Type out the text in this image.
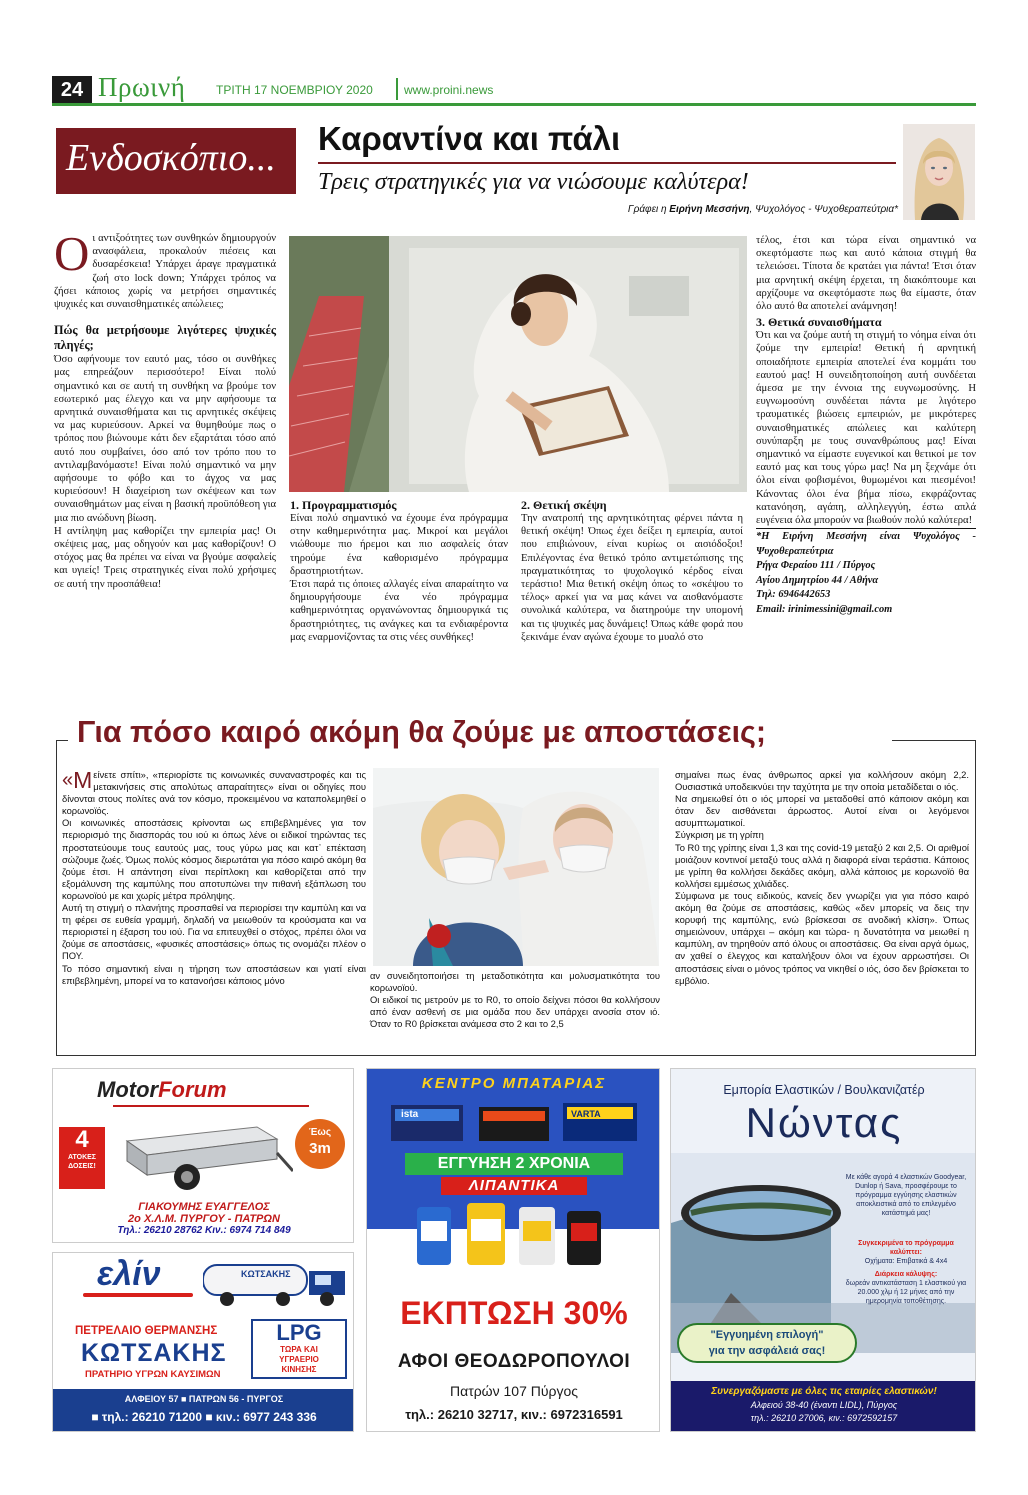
24 Πρωινή	ΤΡΙΤΗ 17 ΝΟΕΜΒΡΙΟΥ 2020	www.proini.news
Ενδοσκόπιο... Καραντίνα και πάλι
Τρεις στρατηγικές για να νιώσουμε καλύτερα!
Γράφει η Ειρήνη Μεσσήνη, Ψυχολόγος - Ψυχοθεραπεύτρια*

Οι αντιξοότητες των συνθηκών δημιουργούν ανασφάλεια, προκαλούν πιέσεις και δυσαρέσκεια! Υπάρχει άραγε πραγματικά ζωή στο lock down; Υπάρχει τρόπος να ζήσει κάποιος χωρίς να μετρήσει σημαντικές ψυχικές και συναισθηματικές απώλειες;

Πώς θα μετρήσουμε λιγότερες ψυχικές πληγές;

Όσο αφήνουμε τον εαυτό μας, τόσο οι συνθήκες μας επηρεάζουν περισσότερο! Είναι πολύ σημαντικό και σε αυτή τη συνθήκη να βρούμε τον εσωτερικό μας έλεγχο και να μην αφήσουμε τα αρνητικά συναισθήματα και τις αρνητικές σκέψεις να μας κυριεύσουν. Αρκεί να θυμηθούμε πως ο τρόπος που βιώνουμε κάτι δεν εξαρτάται τόσο από αυτό που συμβαίνει, όσο από τον τρόπο που το αντιλαμβανόμαστε! Είναι πολύ σημαντικό να μην αφήσουμε το φόβο και το άγχος να μας κυριεύσουν! Η διαχείριση των σκέψεων και των συναισθημάτων μας είναι η βασική προϋπόθεση για μια πιο ανώδυνη βίωση.

Η αντίληψη μας καθορίζει την εμπειρία μας! Οι σκέψεις μας, μας οδηγούν και μας καθορίζουν! Ο στόχος μας θα πρέπει να είναι να βγούμε ασφαλείς και υγιείς! Τρεις στρατηγικές είναι πολύ χρήσιμες σε αυτή την προσπάθεια!

1. Προγραμματισμός

Είναι πολύ σημαντικό να έχουμε ένα πρόγραμμα στην καθημερινότητα μας. Μικροί και μεγάλοι νιώθουμε πιο ήρεμοι και πιο ασφαλείς όταν τηρούμε ένα καθορισμένο πρόγραμμα δραστηριοτήτων.

Έτσι παρά τις όποιες αλλαγές είναι απαραίτητο να δημιουργήσουμε ένα νέο πρόγραμμα καθημερινότητας οργανώνοντας δημιουργικά τις δραστηριότητες, τις ανάγκες και τα ενδιαφέροντα μας εναρμονίζοντας τα στις νέες συνθήκες!

2. Θετική σκέψη

Την ανατροπή της αρνητικότητας φέρνει πάντα η θετική σκέψη! Όπως έχει δείξει η εμπειρία, αυτοί που επιβιώνουν, είναι κυρίως οι αισιόδοξοι! Επιλέγοντας ένα θετικό τρόπο αντιμετώπισης της πραγματικότητας το ψυχολογικό κέρδος είναι τεράστιο! Μια θετική σκέψη όπως το «σκέψου το τέλος» αρκεί για να μας κάνει να αισθανόμαστε συνολικά καλύτερα, να διατηρούμε την υπομονή και τις ψυχικές μας δυνάμεις! Όπως κάθε φορά που ξεκινάμε έναν αγώνα έχουμε το μυαλό στο

τέλος, έτσι και τώρα είναι σημαντικό να σκεφτόμαστε πως και αυτό κάποια στιγμή θα τελειώσει. Τίποτα δε κρατάει για πάντα! Έτσι όταν μια αρνητική σκέψη έρχεται, τη διακόπτουμε και αρχίζουμε να σκεφτόμαστε πως θα είμαστε, όταν όλο αυτό θα αποτελεί ανάμνηση!

3. Θετικά συναισθήματα

Ότι και να ζούμε αυτή τη στιγμή το νόημα είναι ότι ζούμε την εμπειρία! Θετική ή αρνητική οποιαδήποτε εμπειρία αποτελεί ένα κομμάτι του εαυτού μας! Η συνειδητοποίηση αυτή συνδέεται άμεσα με την έννοια της ευγνωμοσύνης. Η ευγνωμοσύνη συνδέεται πάντα με λιγότερο τραυματικές βιώσεις εμπειριών, με μικρότερες συναισθηματικές απώλειες και καλύτερη συνύπαρξη με τους συνανθρώπους μας! Είναι σημαντικό να είμαστε ευγενικοί και θετικοί με τον εαυτό μας και τους γύρω μας! Να μη ξεχνάμε ότι όλοι είναι φοβισμένοι, θυμωμένοι και πιεσμένοι! Κάνοντας όλοι ένα βήμα πίσω, εκφράζοντας κατανόηση, αγάπη, αλληλεγγύη, έστω απλά ευγένεια όλα μπορούν να βιωθούν πολύ καλύτερα!

*Η Ειρήνη Μεσσήνη είναι Ψυχολόγος - Ψυχοθεραπεύτρια
Ρήγα Φεραίου 111 / Πύργος
Αγίου Δημητρίου 44 / Αθήνα
Τηλ: 6946442653
Email: irinimessini@gmail.com
Για πόσο καιρό ακόμη θα ζούμε με αποστάσεις;

« Μ είνετε σπίτι», «περιορίστε τις κοινωνικές συναναστροφές και τις μετακινήσεις στις απολύτως απαραίτητες» είναι οι οδηγίες που δίνονται στους πολίτες ανά τον κόσμο, προκειμένου να καταπολεμηθεί ο κορωνοϊός.

Οι κοινωνικές αποστάσεις κρίνονται ως επιβεβλημένες για τον περιορισμό της διασποράς του ιού κι όπως λένε οι ειδικοί τηρώντας τες προστατεύουμε τους εαυτούς μας, τους γύρω μας και κατ᾽ επέκταση σώζουμε ζωές. Όμως πολύς κόσμος διερωτάται για πόσο καιρό ακόμη θα ζούμε έτσι. Η απάντηση είναι περίπλοκη και καθορίζεται από την εξομάλυνση της καμπύλης που αποτυπώνει την πιθανή εξάπλωση του κορωνοϊού με και χωρίς μέτρα πρόληψης.

Αυτή τη στιγμή ο πλανήτης προσπαθεί να περιορίσει την καμπύλη και να τη φέρει σε ευθεία γραμμή, δηλαδή να μειωθούν τα κρούσματα και να περιοριστεί η έξαρση του ιού. Για να επιτευχθεί ο στόχος, πρέπει όλοι να ζούμε σε αποστάσεις, «φυσικές αποστάσεις» όπως τις ονομάζει πλέον ο ΠΟΥ.

Το πόσο σημαντική είναι η τήρηση των αποστάσεων και γιατί είναι επιβεβλημένη, μπορεί να το κατανοήσει κάποιος μόνο	αν συνειδητοποιήσει τη μεταδοτικότητα και μολυσματικότητα του κορωνοϊού.

Οι ειδικοί τις μετρούν με το R0, το οποίο δείχνει πόσοι θα κολλήσουν από έναν ασθενή σε μια ομάδα που δεν υπάρχει ανοσία στον ιό. Όταν το R0 βρίσκεται ανάμεσα στο 2 και το 2,5

σημαίνει πως ένας άνθρωπος αρκεί για κολλήσουν ακόμη 2,2. Ουσιαστικά υποδεικνύει την ταχύτητα με την οποία μεταδίδεται ο ιός.

Να σημειωθεί ότι ο ιός μπορεί να μεταδοθεί από κάποιον ακόμη και όταν δεν αισθάνεται άρρωστος. Αυτοί είναι οι λεγόμενοι ασυμπτωματικοί.

Σύγκριση με τη γρίπη

Το R0 της γρίπης είναι 1,3 και της covid-19 μεταξύ 2 και 2,5. Οι αριθμοί μοιάζουν κοντινοί μεταξύ τους αλλά η διαφορά είναι τεράστια. Κάποιος με γρίπη θα κολλήσει δεκάδες ακόμη, αλλά κάποιος με κορωνοϊό θα κολλήσει εμμέσως χιλιάδες.

Σύμφωνα με τους ειδικούς, κανείς δεν γνωρίζει για για πόσο καιρό ακόμη θα ζούμε σε αποστάσεις, καθώς «δεν μπορείς να δεις την κορυφή της καμπύλης, ενώ βρίσκεσαι σε ανοδική κλίση». Όπως σημειώνουν, υπάρχει – ακόμη και τώρα- η δυνατότητα να μειωθεί η καμπύλη, αν τηρηθούν από όλους οι αποστάσεις. Θα είναι αργά όμως, αν χαθεί ο έλεγχος και καταλήξουν όλοι να έχουν αρρωστήσει. Οι αποστάσεις είναι ο μόνος τρόπος να νικηθεί ο ιός, όσο δεν βρίσκεται το εμβόλιο.

MotorForum
4
ΑΤΟΚΕΣ ΔΟΣΕΙΣ!
Έως
3m
ΓΙΑΚΟΥΜΗΣ ΕΥΑΓΓΕΛΟΣ
2ο Χ.Λ.Μ. ΠΥΡΓΟΥ - ΠΑΤΡΩΝ
Τηλ.: 26210 28762 Κιν.: 6974 714 849
ελίν	ΚΩΤΣΑΚΗΣ
ΠΕΤΡΕΛΑΙΟ ΘΕΡΜΑΝΣΗΣ
ΚΩΤΣΑΚΗΣ
ΠΡΑΤΗΡΙΟ ΥΓΡΩΝ ΚΑΥΣΙΜΩΝ
LPG
ΤΩΡΑ ΚΑΙ ΥΓΡΑΕΡΙΟ ΚΙΝΗΣΗΣ
ΑΛΦΕΙΟΥ 57 ■ ΠΑΤΡΩΝ 56 - ΠΥΡΓΟΣ
■ τηλ.: 26210 71200 ■ κιν.: 6977 243 336
ΚΕΝΤΡΟ ΜΠΑΤΑΡΙΑΣ
ista	VARTA
ΕΓΓΥΗΣΗ 2 ΧΡΟΝΙΑ
ΛΙΠΑΝΤΙΚΑ
ΕΚΠΤΩΣΗ 30%
ΑΦΟΙ ΘΕΟΔΩΡΟΠΟΥΛΟΙ
Πατρών 107 Πύργος
τηλ.: 26210 32717, κιν.: 6972316591
Εμπορία Ελαστικών / Βουλκανιζατέρ
Νώντας
Με κάθε αγορά 4 ελαστικών Goodyear, Dunlop ή Sava, προσφέρουμε το πρόγραμμα εγγύησης ελαστικών αποκλειστικά από το επιλεγμένο κατάστημά μας!
Συγκεκριμένα το πρόγραμμα καλύπτει:
Οχήματα: Επιβατικά & 4x4
Διάρκεια κάλυψης:
δωρεάν αντικατάσταση 1 ελαστικού για 20.000 χλμ ή 12 μήνες από την ημερομηνία τοποθέτησης.
"Εγγυημένη επιλογή"
για την ασφάλειά σας!
Συνεργαζόμαστε με όλες τις εταιρίες ελαστικών!
Αλφειού 38-40 (έναντι LIDL), Πύργος
τηλ.: 26210 27006, κιν.: 6972592157
